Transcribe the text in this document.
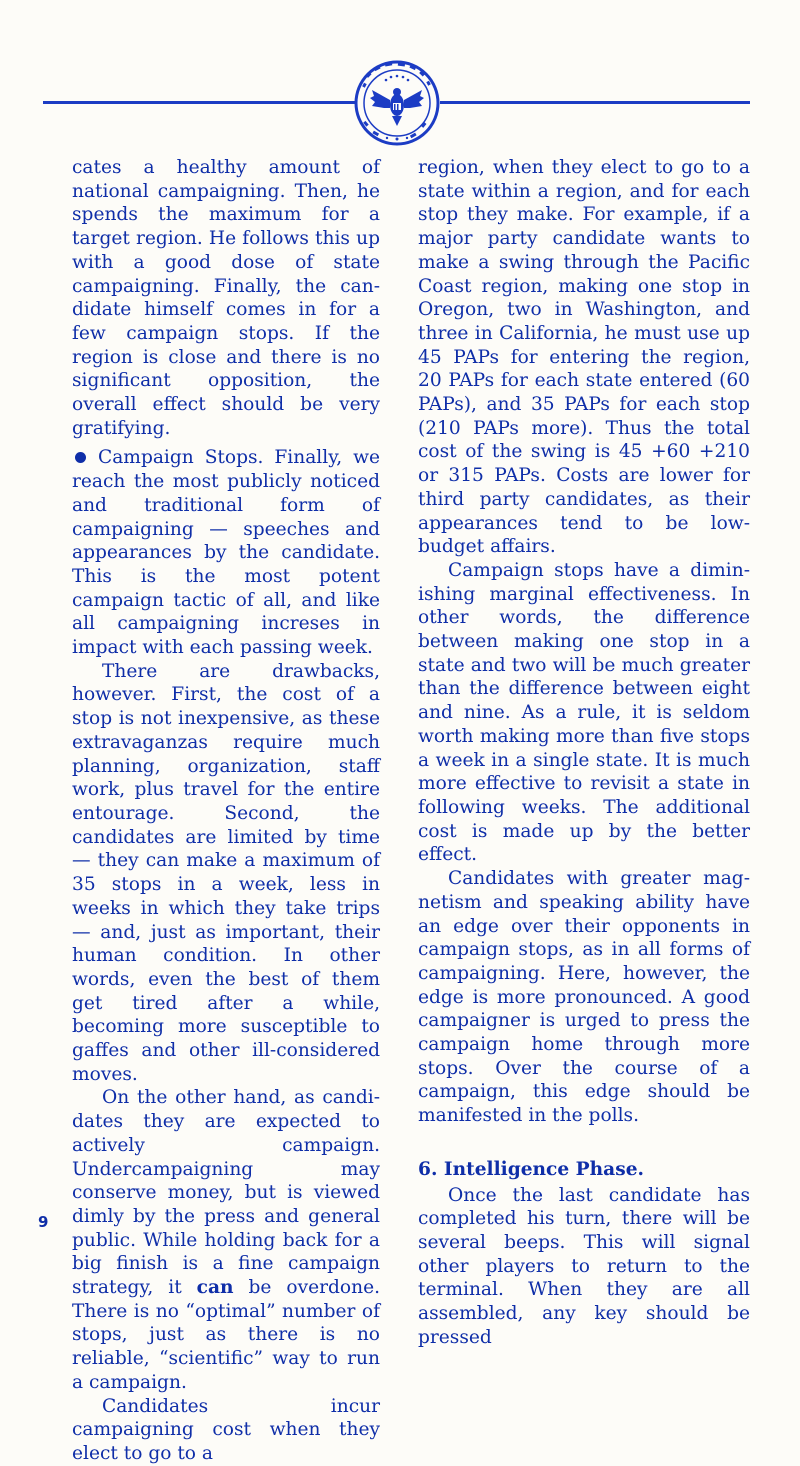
cates a healthy amount of national campaigning. Then, he spends the maximum for a target region. He follows this up with a good dose of state campaigning. Finally, the candidate himself comes in for a few campaign stops. If the region is close and there is no significant opposition, the overall effect should be very gratifying.

Campaign Stops. Finally, we reach the most publicly noticed and traditional form of campaigning — speeches and appearances by the candidate. This is the most potent campaign tactic of all, and like all campaigning increses in impact with each passing week.

There are drawbacks, however. First, the cost of a stop is not inexpensive, as these extravaganzas require much planning, organization, staff work, plus travel for the entire entourage. Second, the candidates are limited by time — they can make a maximum of 35 stops in a week, less in weeks in which they take trips — and, just as important, their human condition. In other words, even the best of them get tired after a while, becoming more susceptible to gaffes and other ill-considered moves.

On the other hand, as candidates they are expected to actively campaign. Undercampaigning may conserve money, but is viewed dimly by the press and general public. While holding back for a big finish is a fine campaign strategy, it can be overdone. There is no “optimal” number of stops, just as there is no reliable, “scientific” way to run a campaign.

Candidates incur campaigning cost when they elect to go to a

region, when they elect to go to a state within a region, and for each stop they make. For example, if a major party candidate wants to make a swing through the Pacific Coast region, making one stop in Oregon, two in Washington, and three in California, he must use up 45 PAPs for entering the region, 20 PAPs for each state entered (60 PAPs), and 35 PAPs for each stop (210 PAPs more). Thus the total cost of the swing is 45 +60 +210 or 315 PAPs. Costs are lower for third party candidates, as their appearances tend to be low-budget affairs.

Campaign stops have a diminishing marginal effectiveness. In other words, the difference between making one stop in a state and two will be much greater than the difference between eight and nine. As a rule, it is seldom worth making more than five stops a week in a single state. It is much more effective to revisit a state in following weeks. The additional cost is made up by the better effect.

Candidates with greater magnetism and speaking ability have an edge over their opponents in campaign stops, as in all forms of campaigning. Here, however, the edge is more pronounced. A good campaigner is urged to press the campaign home through more stops. Over the course of a campaign, this edge should be manifested in the polls.

6. Intelligence Phase.

Once the last candidate has completed his turn, there will be several beeps. This will signal other players to return to the terminal. When they are all assembled, any key should be pressed

9
